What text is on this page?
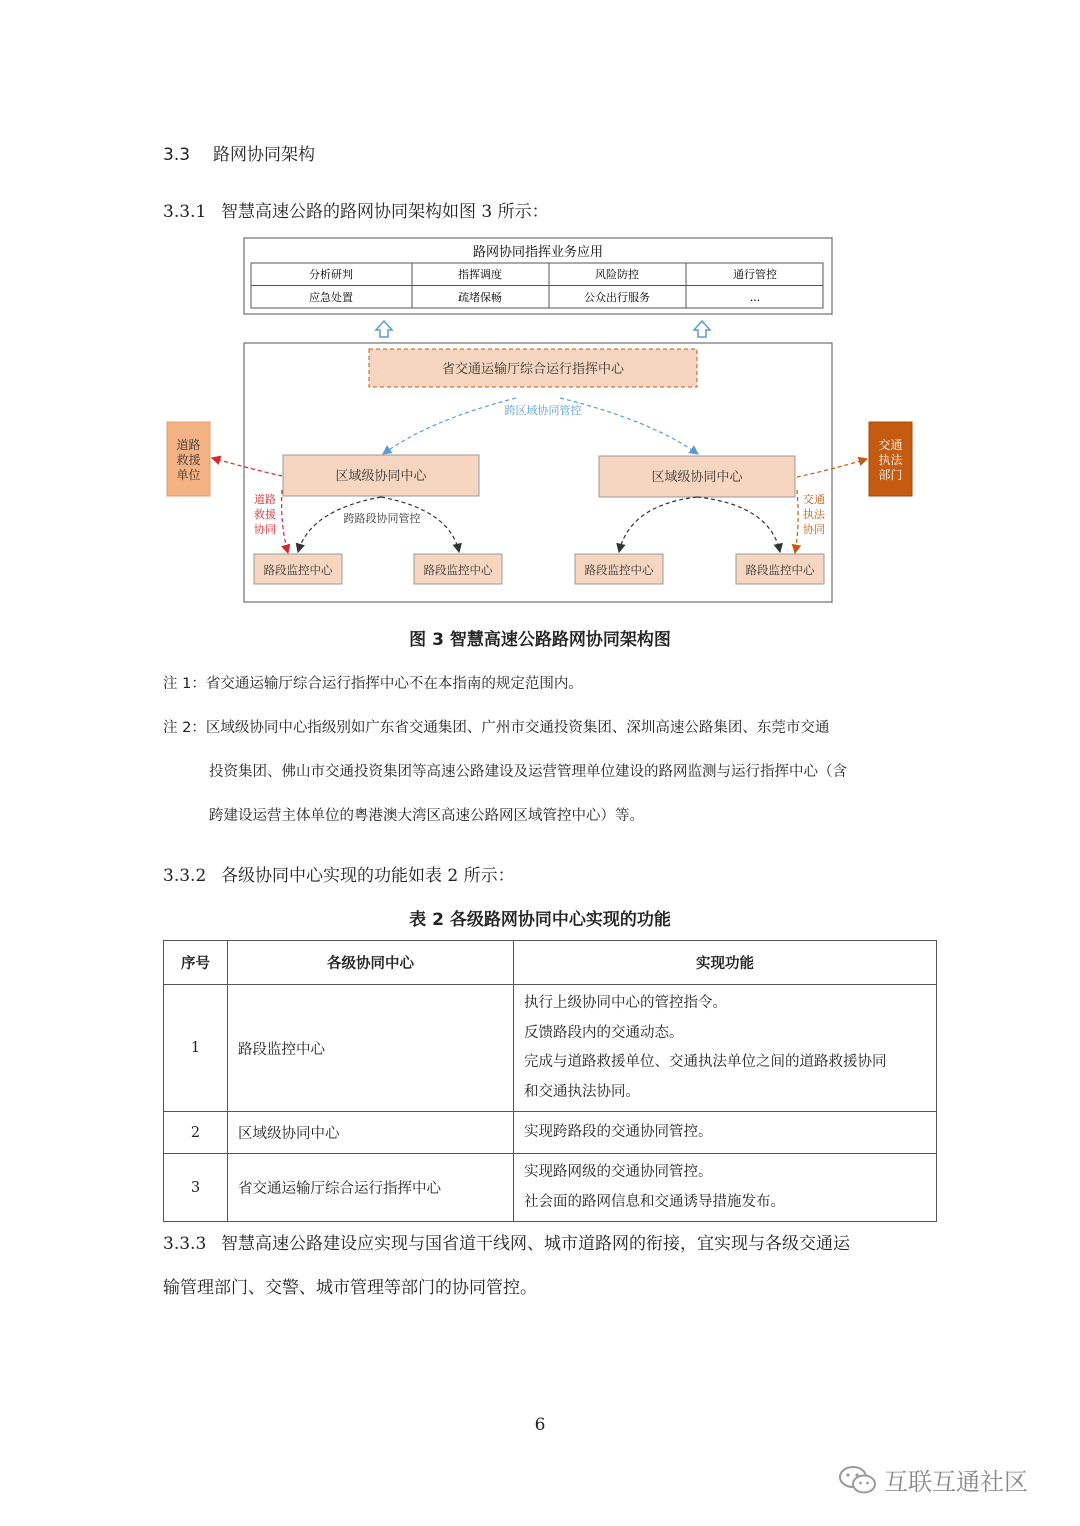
3.3 路网协同架构
3.3.1 智慧高速公路的路网协同架构如图 3 所示：
路网协同指挥业务应用
分析研判	指挥调度	风险防控	通行管控
应急处置	疏堵保畅	公众出行服务	...
省交通运输厅综合运行指挥中心
跨区域协同管控
区域级协同中心	区域级协同中心
跨路段协同管控
路段监控中心	路段监控中心	路段监控中心	路段监控中心
道路
救援
单位
道路
救援
协同
交通
执法
部门
交通
执法
协同
图 3 智慧高速公路路网协同架构图
注 1：省交通运输厅综合运行指挥中心不在本指南的规定范围内。
注 2：区域级协同中心指级别如广东省交通集团、广州市交通投资集团、深圳高速公路集团、东莞市交通
投资集团、佛山市交通投资集团等高速公路建设及运营管理单位建设的路网监测与运行指挥中心（含
跨建设运营主体单位的粤港澳大湾区高速公路网区域管控中心）等。
3.3.2 各级协同中心实现的功能如表 2 所示：
表 2 各级路网协同中心实现的功能
序号	各级协同中心	实现功能
1	路段监控中心	执行上级协同中心的管控指令。
反馈路段内的交通动态。
完成与道路救援单位、交通执法单位之间的道路救援协同
和交通执法协同。

2	区域级协同中心	实现跨路段的交通协同管控。

3	省交通运输厅综合运行指挥中心	实现路网级的交通协同管控。
社会面的路网信息和交通诱导措施发布。
3.3.3 智慧高速公路建设应实现与国省道干线网、城市道路网的衔接，宜实现与各级交通运
输管理部门、交警、城市管理等部门的协同管控。
6
互联互通社区
